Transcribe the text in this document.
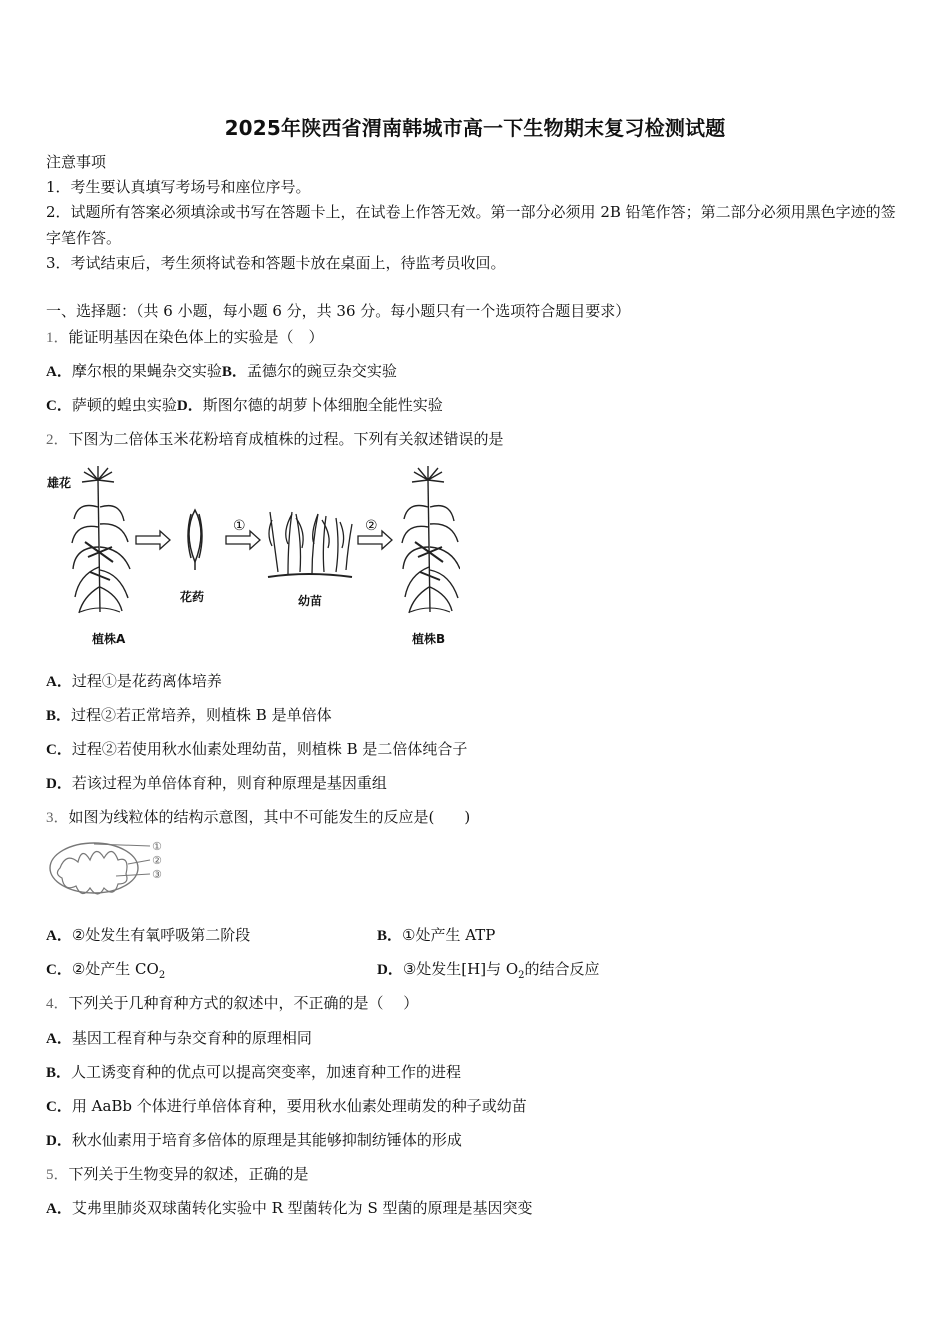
2025年陕西省渭南韩城市高一下生物期末复习检测试题
注意事项
1．考生要认真填写考场号和座位序号。
2．试题所有答案必须填涂或书写在答题卡上，在试卷上作答无效。第一部分必须用 2B 铅笔作答；第二部分必须用黑色字迹的签字笔作答。
3．考试结束后，考生须将试卷和答题卡放在桌面上，待监考员收回。
一、选择题：（共 6 小题，每小题 6 分，共 36 分。每小题只有一个选项符合题目要求）
1．能证明基因在染色体上的实验是（　）
A．摩尔根的果蝇杂交实验B．孟德尔的豌豆杂交实验
C．萨顿的蝗虫实验D．斯图尔德的胡萝卜体细胞全能性实验
2．下图为二倍体玉米花粉培育成植株的过程。下列有关叙述错误的是
雄花
植株A
花药	幼苗
植株B
①	②
A．过程①是花药离体培养
B．过程②若正常培养，则植株 B 是单倍体
C．过程②若使用秋水仙素处理幼苗，则植株 B 是二倍体纯合子
D．若该过程为单倍体育种，则育种原理是基因重组
3．如图为线粒体的结构示意图，其中不可能发生的反应是(　　)
①
②
③
A．②处发生有氧呼吸第二阶段	B．①处产生 ATP
C．②处产生 $CO_2$	D．③处发生[H]与 $O_2$的结合反应
4．下列关于几种育种方式的叙述中，不正确的是（　 ）
A．基因工程育种与杂交育种的原理相同
B．人工诱变育种的优点可以提高突变率，加速育种工作的进程
C．用 AaBb 个体进行单倍体育种，要用秋水仙素处理萌发的种子或幼苗
D．秋水仙素用于培育多倍体的原理是其能够抑制纺锤体的形成
5．下列关于生物变异的叙述，正确的是
A．艾弗里肺炎双球菌转化实验中 R 型菌转化为 S 型菌的原理是基因突变
